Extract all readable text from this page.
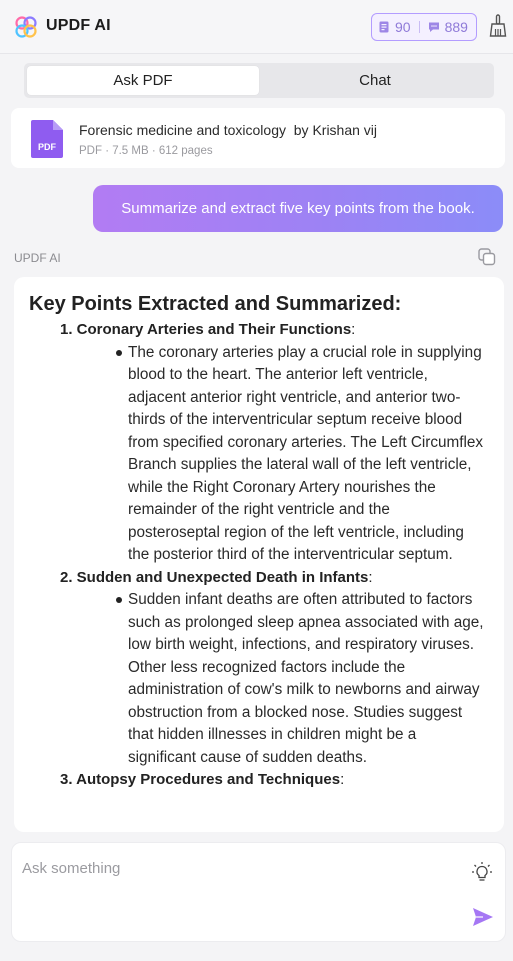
UPDF AI	90 889
Ask PDF	Chat
PDF
Forensic medicine and toxicology  by Krishan vij
PDF · 7.5 MB · 612 pages
Summarize and extract five key points from the book.
UPDF AI
Key Points Extracted and Summarized:
1. Coronary Arteries and Their Functions:
The coronary arteries play a crucial role in supplying blood to the heart. The anterior left ventricle, adjacent anterior right ventricle, and anterior two-thirds of the interventricular septum receive blood from specified coronary arteries. The Left Circumflex Branch supplies the lateral wall of the left ventricle, while the Right Coronary Artery nourishes the remainder of the right ventricle and the posteroseptal region of the left ventricle, including the posterior third of the interventricular septum.
2. Sudden and Unexpected Death in Infants:
Sudden infant deaths are often attributed to factors such as prolonged sleep apnea associated with age, low birth weight, infections, and respiratory viruses. Other less recognized factors include the administration of cow's milk to newborns and airway obstruction from a blocked nose. Studies suggest that hidden illnesses in children might be a significant cause of sudden deaths.
3. Autopsy Procedures and Techniques:
Ask something
